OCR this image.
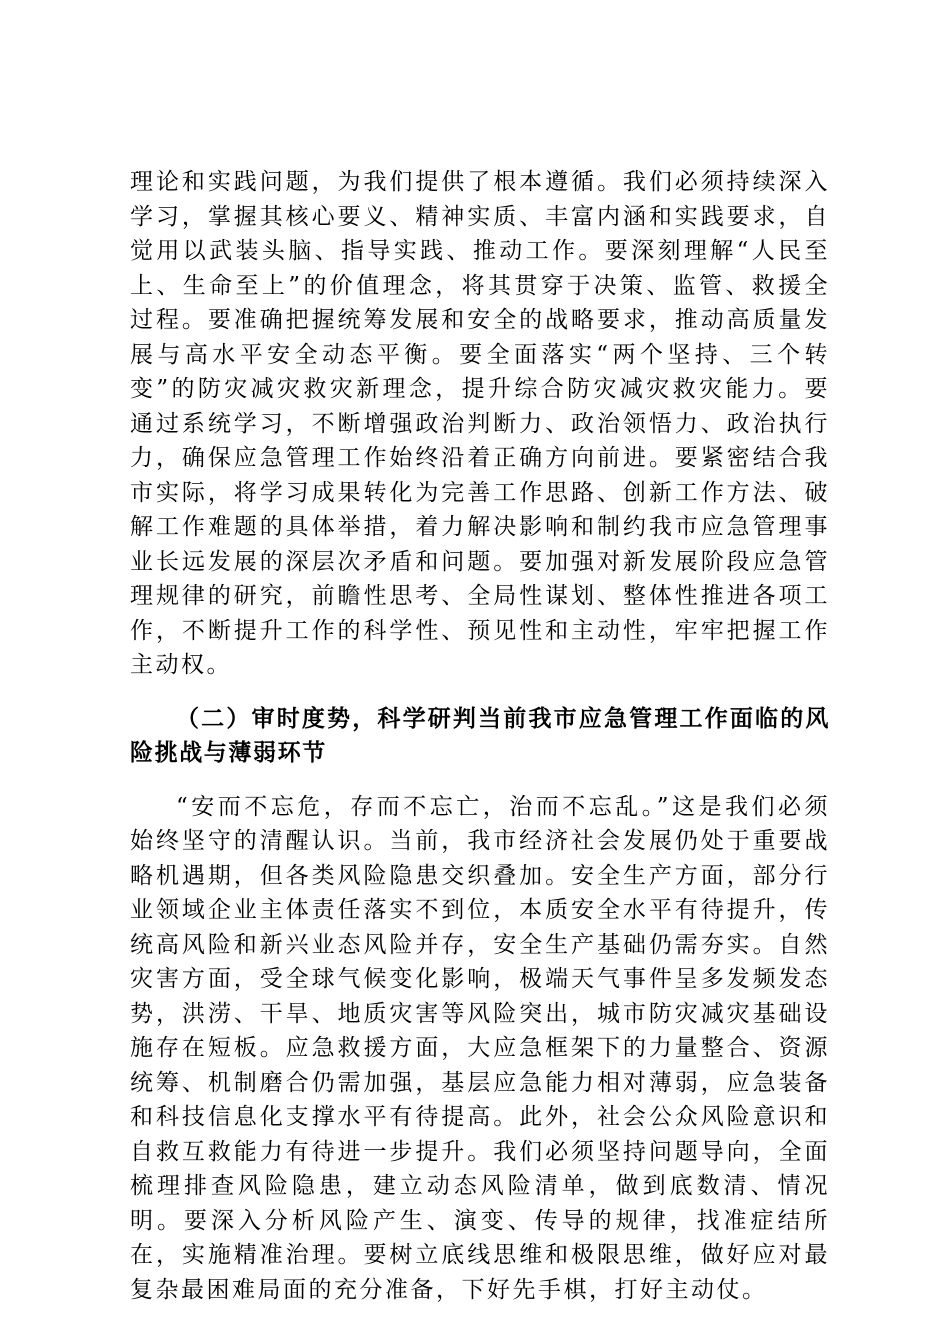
理论和实践问题，为我们提供了根本遵循。我们必须持续深入学习，掌握其核心要义、精神实质、丰富内涵和实践要求，自觉用以武装头脑、指导实践、推动工作。要深刻理解“人民至上、生命至上”的价值理念，将其贯穿于决策、监管、救援全过程。要准确把握统筹发展和安全的战略要求，推动高质量发展与高水平安全动态平衡。要全面落实“两个坚持、三个转变”的防灾减灾救灾新理念，提升综合防灾减灾救灾能力。要通过系统学习，不断增强政治判断力、政治领悟力、政治执行力，确保应急管理工作始终沿着正确方向前进。要紧密结合我市实际，将学习成果转化为完善工作思路、创新工作方法、破解工作难题的具体举措，着力解决影响和制约我市应急管理事业长远发展的深层次矛盾和问题。要加强对新发展阶段应急管理规律的研究，前瞻性思考、全局性谋划、整体性推进各项工作，不断提升工作的科学性、预见性和主动性，牢牢把握工作主动权。

（二）审时度势，科学研判当前我市应急管理工作面临的风险挑战与薄弱环节

“安而不忘危，存而不忘亡，治而不忘乱。”这是我们必须始终坚守的清醒认识。当前，我市经济社会发展仍处于重要战略机遇期，但各类风险隐患交织叠加。安全生产方面，部分行业领域企业主体责任落实不到位，本质安全水平有待提升，传统高风险和新兴业态风险并存，安全生产基础仍需夯实。自然灾害方面，受全球气候变化影响，极端天气事件呈多发频发态势，洪涝、干旱、地质灾害等风险突出，城市防灾减灾基础设施存在短板。应急救援方面，大应急框架下的力量整合、资源统筹、机制磨合仍需加强，基层应急能力相对薄弱，应急装备和科技信息化支撑水平有待提高。此外，社会公众风险意识和自救互救能力有待进一步提升。我们必须坚持问题导向，全面梳理排查风险隐患，建立动态风险清单，做到底数清、情况明。要深入分析风险产生、演变、传导的规律，找准症结所在，实施精准治理。要树立底线思维和极限思维，做好应对最复杂最困难局面的充分准备，下好先手棋，打好主动仗。
